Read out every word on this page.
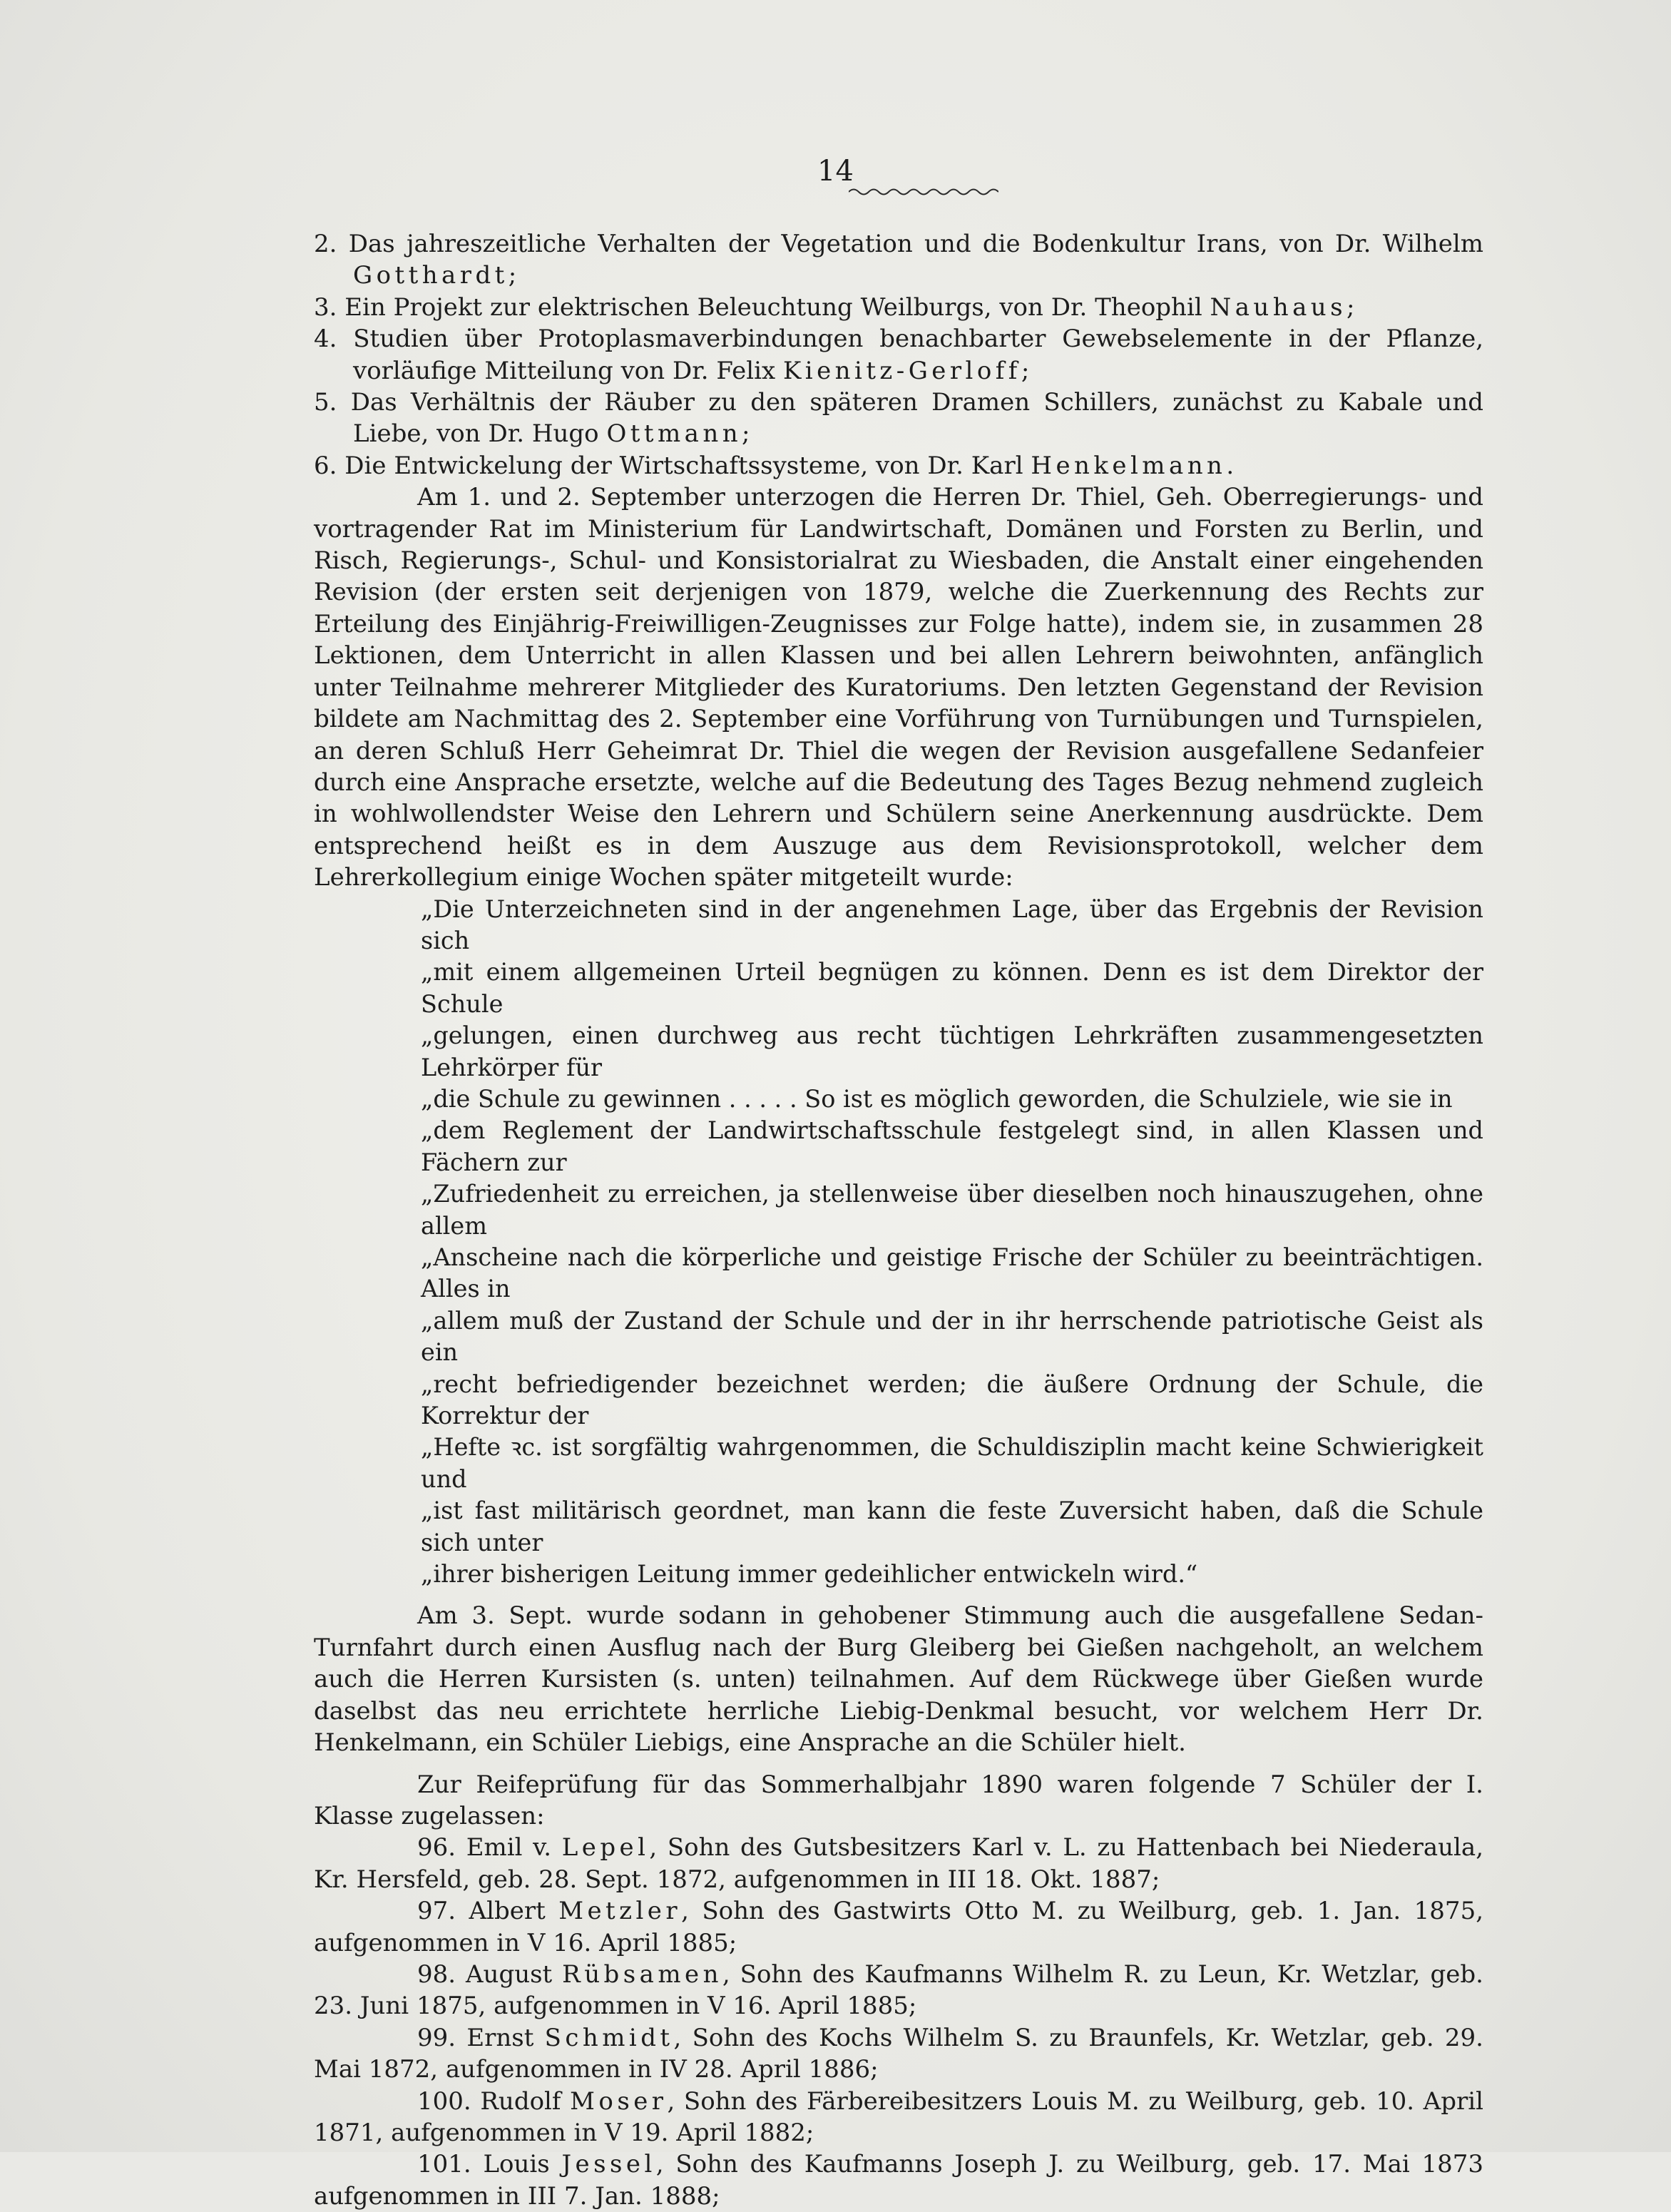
14

2. Das jahreszeitliche Verhalten der Vegetation und die Bodenkultur Irans, von Dr. Wilhelm Gotthardt;

3. Ein Projekt zur elektrischen Beleuchtung Weilburgs, von Dr. Theophil Nauhaus;

4. Studien über Protoplasmaverbindungen benachbarter Gewebselemente in der Pflanze, vorläufige Mitteilung von Dr. Felix Kienitz-Gerloff;

5. Das Verhältnis der Räuber zu den späteren Dramen Schillers, zunächst zu Kabale und Liebe, von Dr. Hugo Ottmann;

6. Die Entwickelung der Wirtschaftssysteme, von Dr. Karl Henkelmann.

Am 1. und 2. September unterzogen die Herren Dr. Thiel, Geh. Oberregierungs- und vortragender Rat im Ministerium für Landwirtschaft, Domänen und Forsten zu Berlin, und Risch, Regierungs-, Schul- und Konsistorialrat zu Wiesbaden, die Anstalt einer eingehenden Revision (der ersten seit derjenigen von 1879, welche die Zuerkennung des Rechts zur Erteilung des Einjährig-Freiwilligen-Zeugnisses zur Folge hatte), indem sie, in zusammen 28 Lektionen, dem Unterricht in allen Klassen und bei allen Lehrern beiwohnten, anfänglich unter Teilnahme mehrerer Mitglieder des Kuratoriums. Den letzten Gegenstand der Revision bildete am Nachmittag des 2. September eine Vorführung von Turnübungen und Turnspielen, an deren Schluß Herr Geheimrat Dr. Thiel die wegen der Revision ausgefallene Sedanfeier durch eine Ansprache ersetzte, welche auf die Bedeutung des Tages Bezug nehmend zugleich in wohlwollendster Weise den Lehrern und Schülern seine Anerkennung ausdrückte. Dem entsprechend heißt es in dem Auszuge aus dem Revisionsprotokoll, welcher dem Lehrerkollegium einige Wochen später mitgeteilt wurde:

„Die Unterzeichneten sind in der angenehmen Lage, über das Ergebnis der Revision sich

„mit einem allgemeinen Urteil begnügen zu können. Denn es ist dem Direktor der Schule

„gelungen, einen durchweg aus recht tüchtigen Lehrkräften zusammengesetzten Lehrkörper für

„die Schule zu gewinnen . . . . . So ist es möglich geworden, die Schulziele, wie sie in

„dem Reglement der Landwirtschaftsschule festgelegt sind, in allen Klassen und Fächern zur

„Zufriedenheit zu erreichen, ja stellenweise über dieselben noch hinauszugehen, ohne allem

„Anscheine nach die körperliche und geistige Frische der Schüler zu beeinträchtigen. Alles in

„allem muß der Zustand der Schule und der in ihr herrschende patriotische Geist als ein

„recht befriedigender bezeichnet werden; die äußere Ordnung der Schule, die Korrektur der

„Hefte ꝛc. ist sorgfältig wahrgenommen, die Schuldisziplin macht keine Schwierigkeit und

„ist fast militärisch geordnet, man kann die feste Zuversicht haben, daß die Schule sich unter

„ihrer bisherigen Leitung immer gedeihlicher entwickeln wird.“

Am 3. Sept. wurde sodann in gehobener Stimmung auch die ausgefallene Sedan-Turnfahrt durch einen Ausflug nach der Burg Gleiberg bei Gießen nachgeholt, an welchem auch die Herren Kursisten (s. unten) teilnahmen. Auf dem Rückwege über Gießen wurde daselbst das neu errichtete herrliche Liebig-Denkmal besucht, vor welchem Herr Dr. Henkelmann, ein Schüler Liebigs, eine Ansprache an die Schüler hielt.

Zur Reifeprüfung für das Sommerhalbjahr 1890 waren folgende 7 Schüler der I. Klasse zugelassen:

96. Emil v. Lepel, Sohn des Gutsbesitzers Karl v. L. zu Hattenbach bei Niederaula, Kr. Hersfeld, geb. 28. Sept. 1872, aufgenommen in III 18. Okt. 1887;

97. Albert Metzler, Sohn des Gastwirts Otto M. zu Weilburg, geb. 1. Jan. 1875, aufgenommen in V 16. April 1885;

98. August Rübsamen, Sohn des Kaufmanns Wilhelm R. zu Leun, Kr. Wetzlar, geb. 23. Juni 1875, aufgenommen in V 16. April 1885;

99. Ernst Schmidt, Sohn des Kochs Wilhelm S. zu Braunfels, Kr. Wetzlar, geb. 29. Mai 1872, aufgenommen in IV 28. April 1886;

100. Rudolf Moser, Sohn des Färbereibesitzers Louis M. zu Weilburg, geb. 10. April 1871, aufgenommen in V 19. April 1882;

101. Louis Jessel, Sohn des Kaufmanns Joseph J. zu Weilburg, geb. 17. Mai 1873 aufgenommen in III 7. Jan. 1888;
